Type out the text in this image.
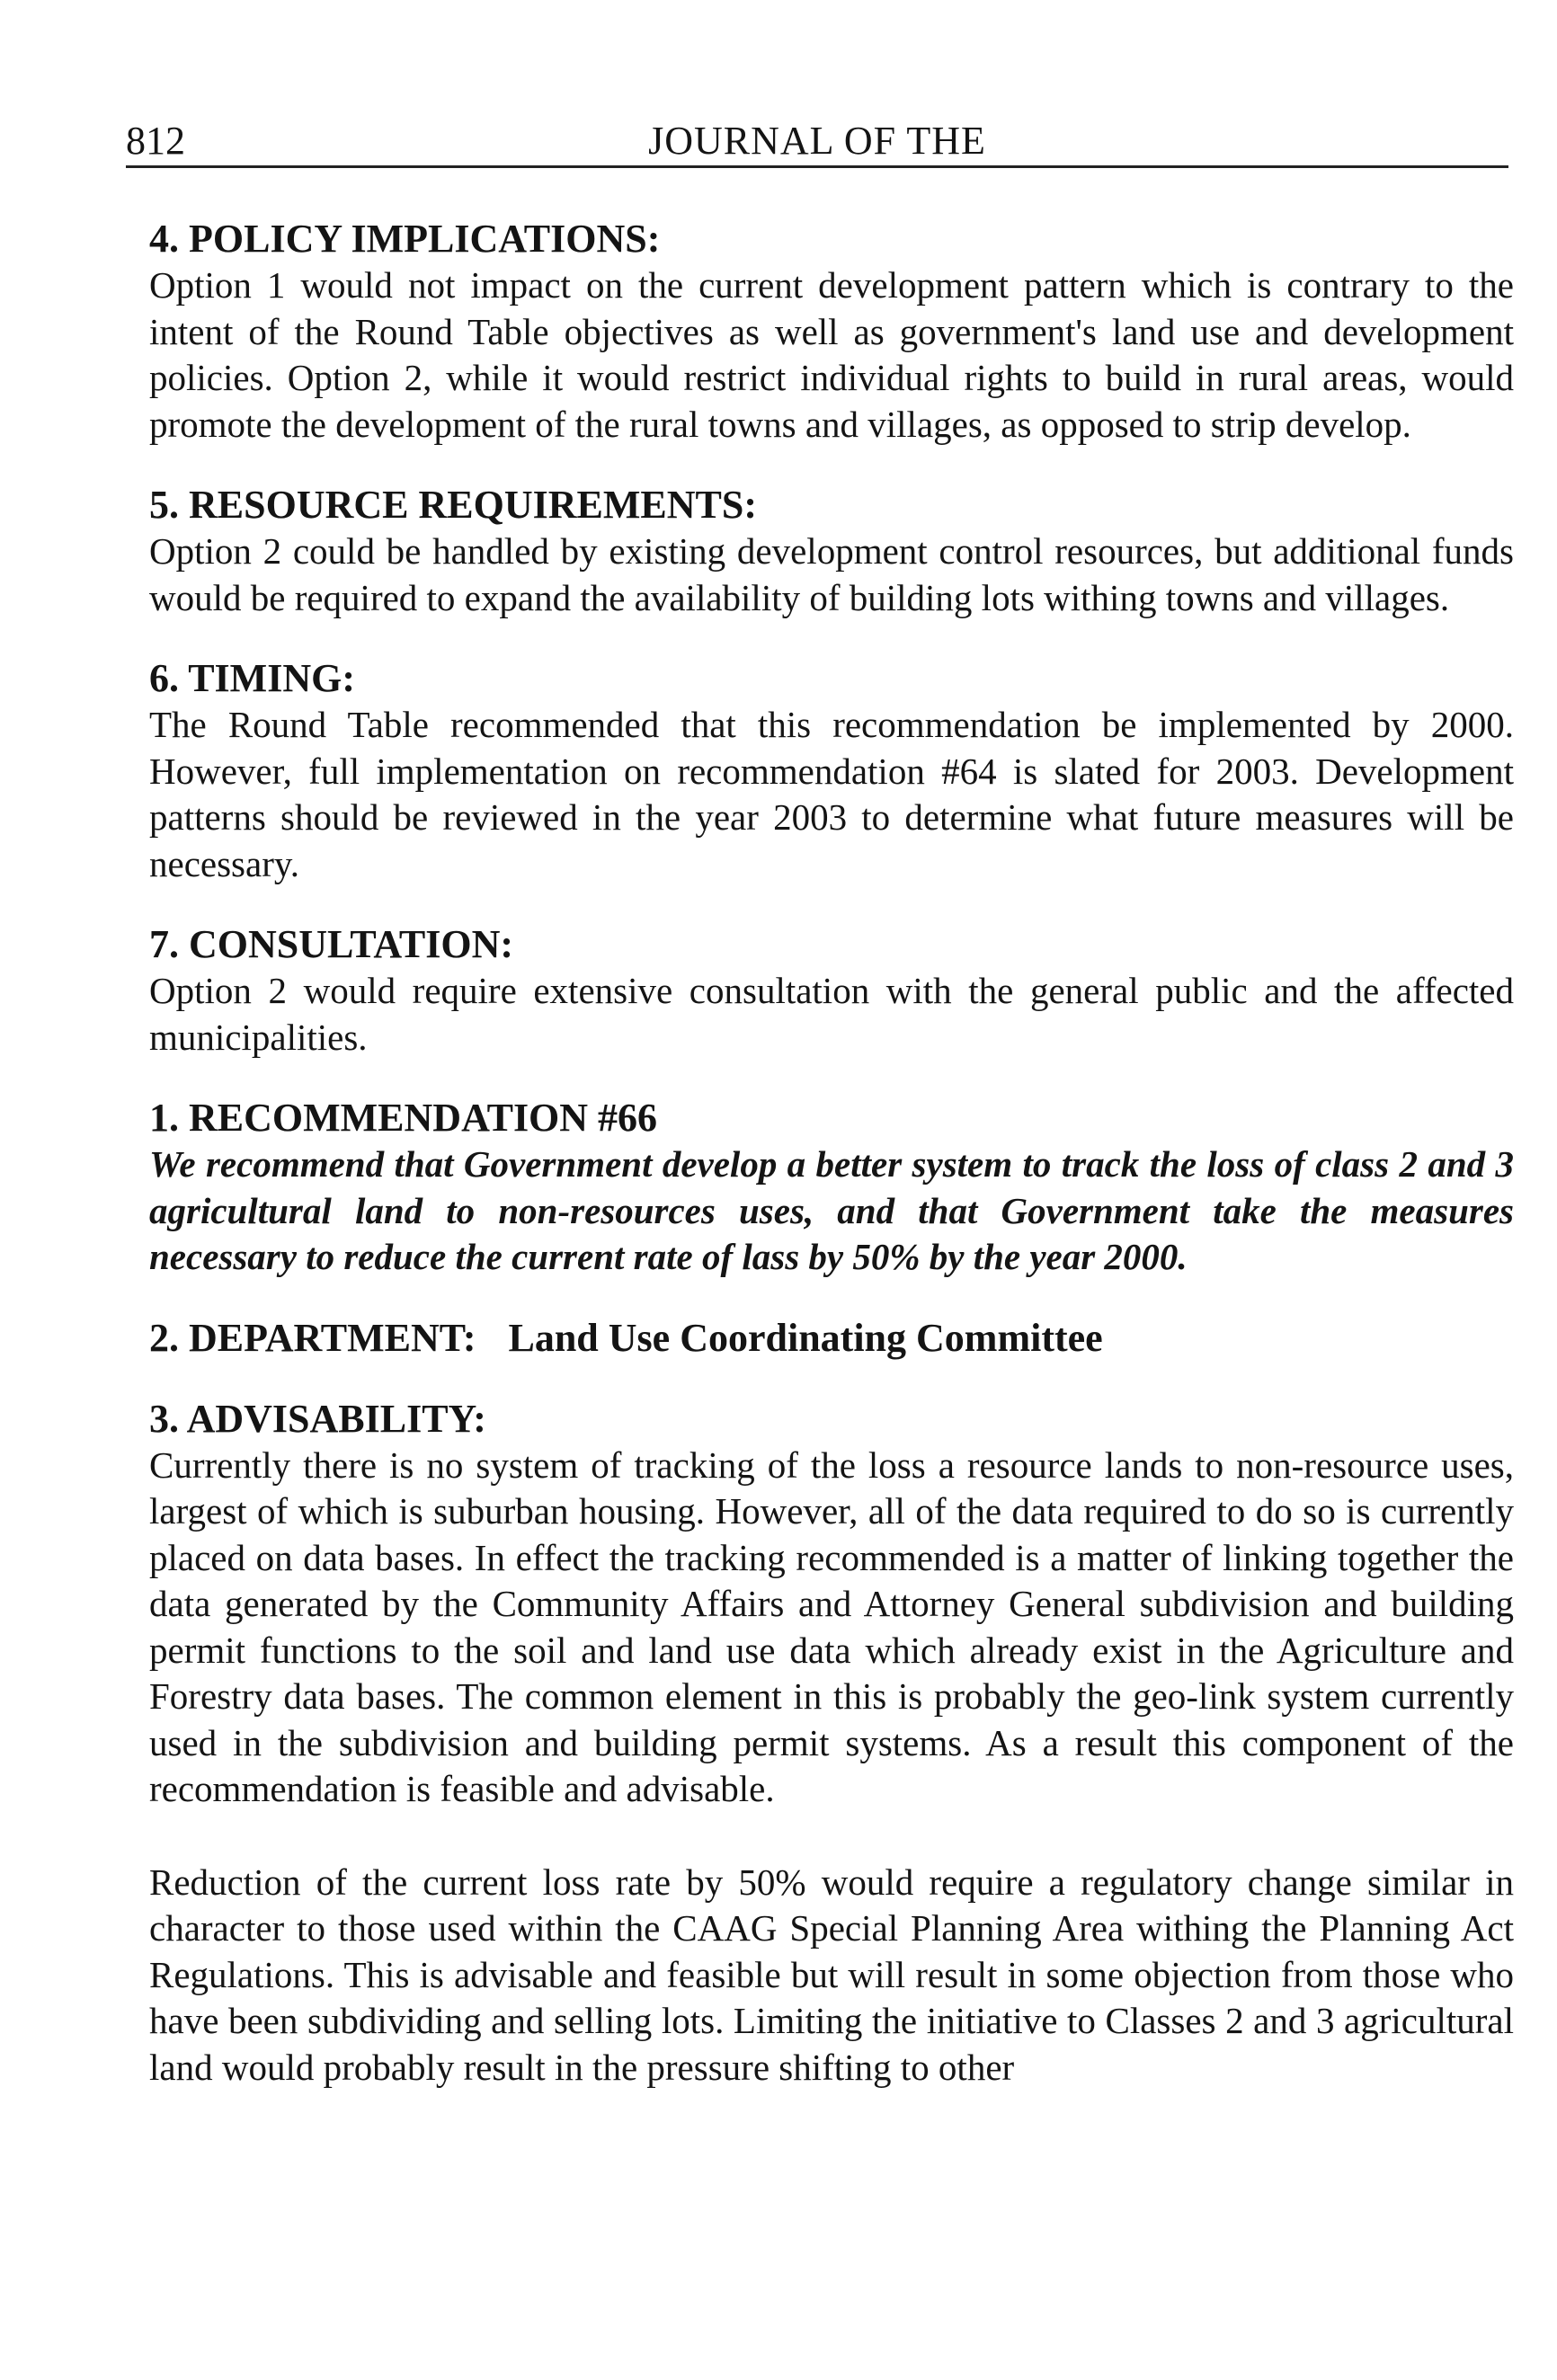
812	JOURNAL OF THE

4. POLICY IMPLICATIONS:

Option 1 would not impact on the current development pattern which is contrary to the intent of the Round Table objectives as well as government's land use and development policies. Option 2, while it would restrict individual rights to build in rural areas, would promote the development of the rural towns and villages, as opposed to strip develop.

5. RESOURCE REQUIREMENTS:

Option 2 could be handled by existing development control resources, but additional funds would be required to expand the availability of building lots withing towns and villages.

6. TIMING:

The Round Table recommended that this recommendation be implemented by 2000. However, full implementation on recommendation #64 is slated for 2003. Development patterns should be reviewed in the year 2003 to determine what future measures will be necessary.

7. CONSULTATION:

Option 2 would require extensive consultation with the general public and the affected municipalities.

1. RECOMMENDATION #66

We recommend that Government develop a better system to track the loss of class 2 and 3 agricultural land to non-resources uses, and that Government take the measures necessary to reduce the current rate of lass by 50% by the year 2000.

2. DEPARTMENT: Land Use Coordinating Committee

3. ADVISABILITY:

Currently there is no system of tracking of the loss a resource lands to non-resource uses, largest of which is suburban housing. However, all of the data required to do so is currently placed on data bases. In effect the tracking recommended is a matter of linking together the data generated by the Community Affairs and Attorney General subdivision and building permit functions to the soil and land use data which already exist in the Agriculture and Forestry data bases. The common element in this is probably the geo-link system currently used in the subdivision and building permit systems. As a result this component of the recommendation is feasible and advisable.

Reduction of the current loss rate by 50% would require a regulatory change similar in character to those used within the CAAG Special Planning Area withing the Planning Act Regulations. This is advisable and feasible but will result in some objection from those who have been subdividing and selling lots. Limiting the initiative to Classes 2 and 3 agricultural land would probably result in the pressure shifting to other
